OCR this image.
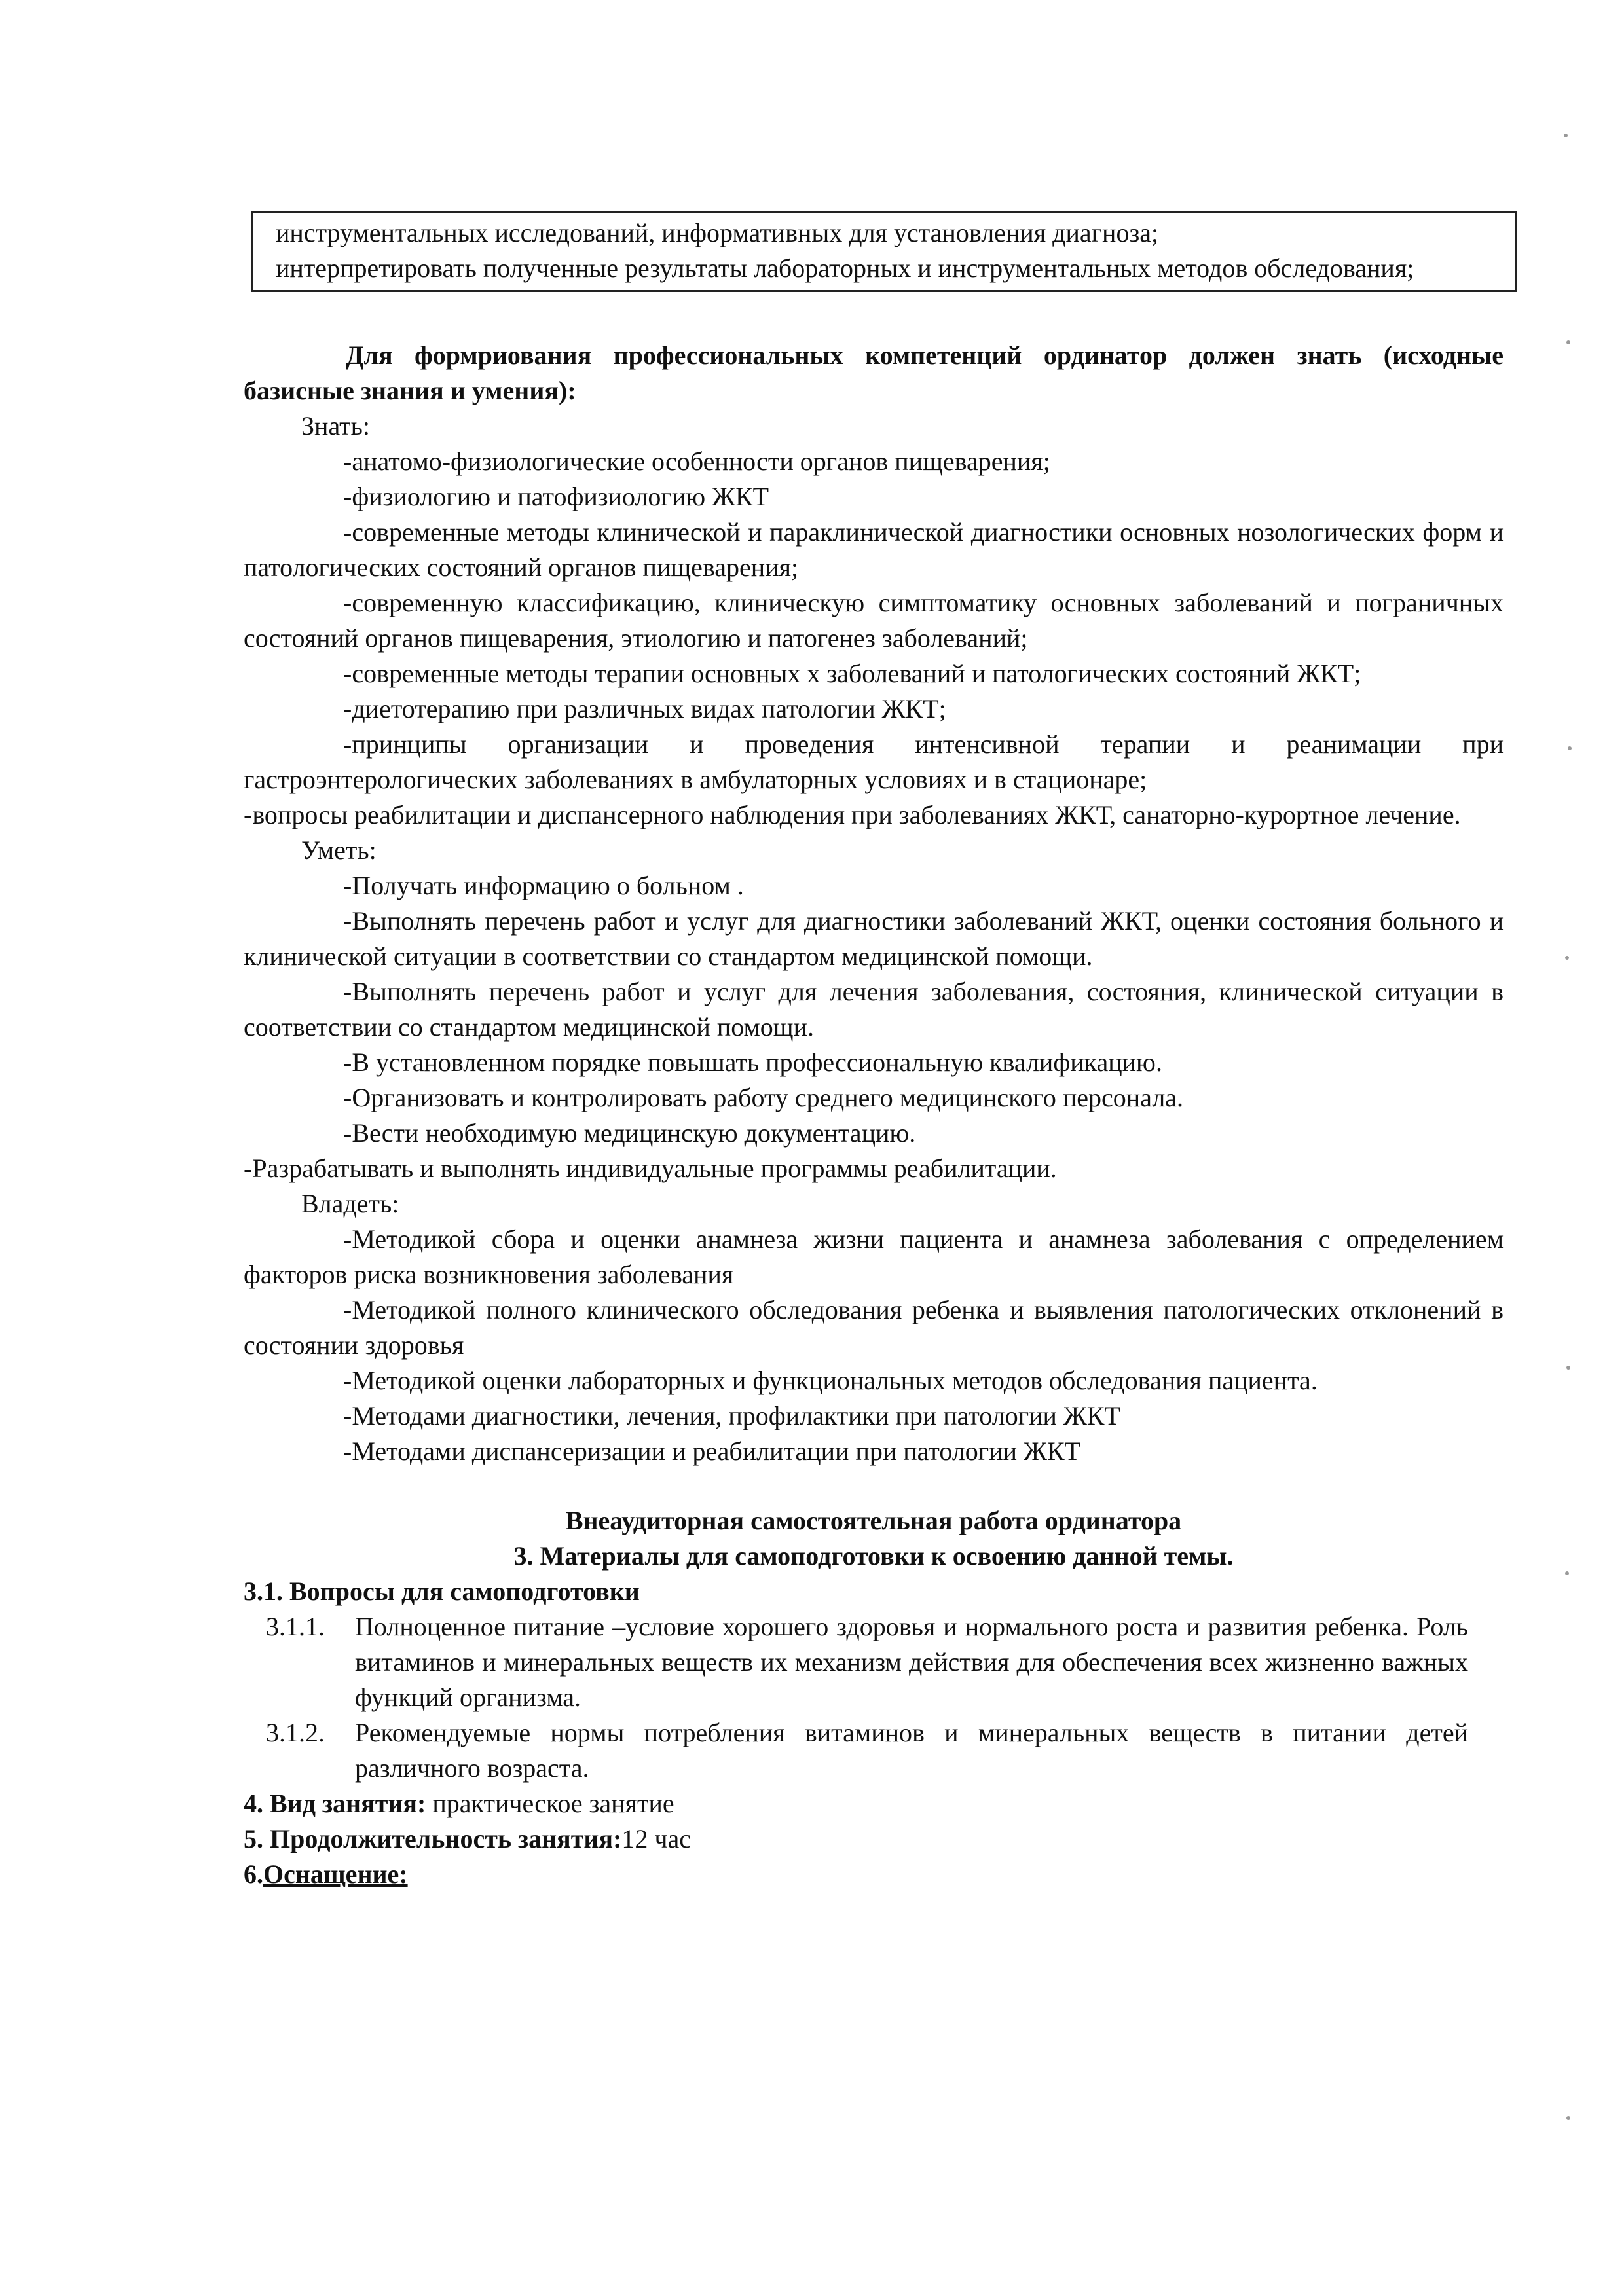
инструментальных исследований, информативных для установления диагноза;

интерпретировать полученные результаты лабораторных и инструментальных методов обследования;

Для формриования профессиональных компетенций ординатор должен знать (исходные базисные знания и умения):

Знать:

-анатомо-физиологические особенности органов пищеварения;

-физиологию и патофизиологию ЖКТ

-современные методы клинической и параклинической диагностики основных нозологических форм и патологических состояний органов пищеварения;

-современную классификацию, клиническую симптоматику основных заболеваний и пограничных состояний органов пищеварения, этиологию и патогенез заболеваний;

-современные методы терапии основных х заболеваний и патологических состояний ЖКТ;

-диетотерапию при различных видах патологии ЖКТ;

-принципы организации и проведения интенсивной терапии и реанимации при гастроэнтерологических заболеваниях в амбулаторных условиях и в стационаре;

-вопросы реабилитации и диспансерного наблюдения при заболеваниях ЖКТ, санаторно-курортное лечение.

Уметь:

-Получать информацию о больном .

-Выполнять перечень работ и услуг для диагностики заболеваний ЖКТ, оценки состояния больного и клинической ситуации в соответствии со стандартом медицинской помощи.

-Выполнять перечень работ и услуг для лечения заболевания, состояния, клинической ситуации в соответствии со стандартом медицинской помощи.

-В установленном порядке повышать профессиональную квалификацию.

-Организовать и контролировать работу среднего медицинского персонала.

-Вести необходимую медицинскую документацию.

-Разрабатывать и выполнять индивидуальные программы реабилитации.

Владеть:

-Методикой сбора и оценки анамнеза жизни пациента и анамнеза заболевания с определением факторов риска возникновения заболевания

-Методикой полного клинического обследования ребенка и выявления патологических отклонений в состоянии здоровья

-Методикой оценки лабораторных и функциональных методов обследования пациента.

-Методами диагностики, лечения, профилактики при патологии ЖКТ

-Методами диспансеризации и реабилитации при патологии ЖКТ

Внеаудиторная самостоятельная работа ординатора

3. Материалы для самоподготовки к освоению данной темы.

3.1. Вопросы для самоподготовки

3.1.1.	Полноценное питание –условие хорошего здоровья и нормального роста и развития ребенка. Роль витаминов и минеральных веществ их механизм действия для обеспечения всех жизненно важных функций организма.
3.1.2.	Рекомендуемые нормы потребления витаминов и минеральных веществ в питании детей различного возраста.

4. Вид занятия: практическое занятие

5. Продолжительность занятия:12 час

6.Оснащение:
